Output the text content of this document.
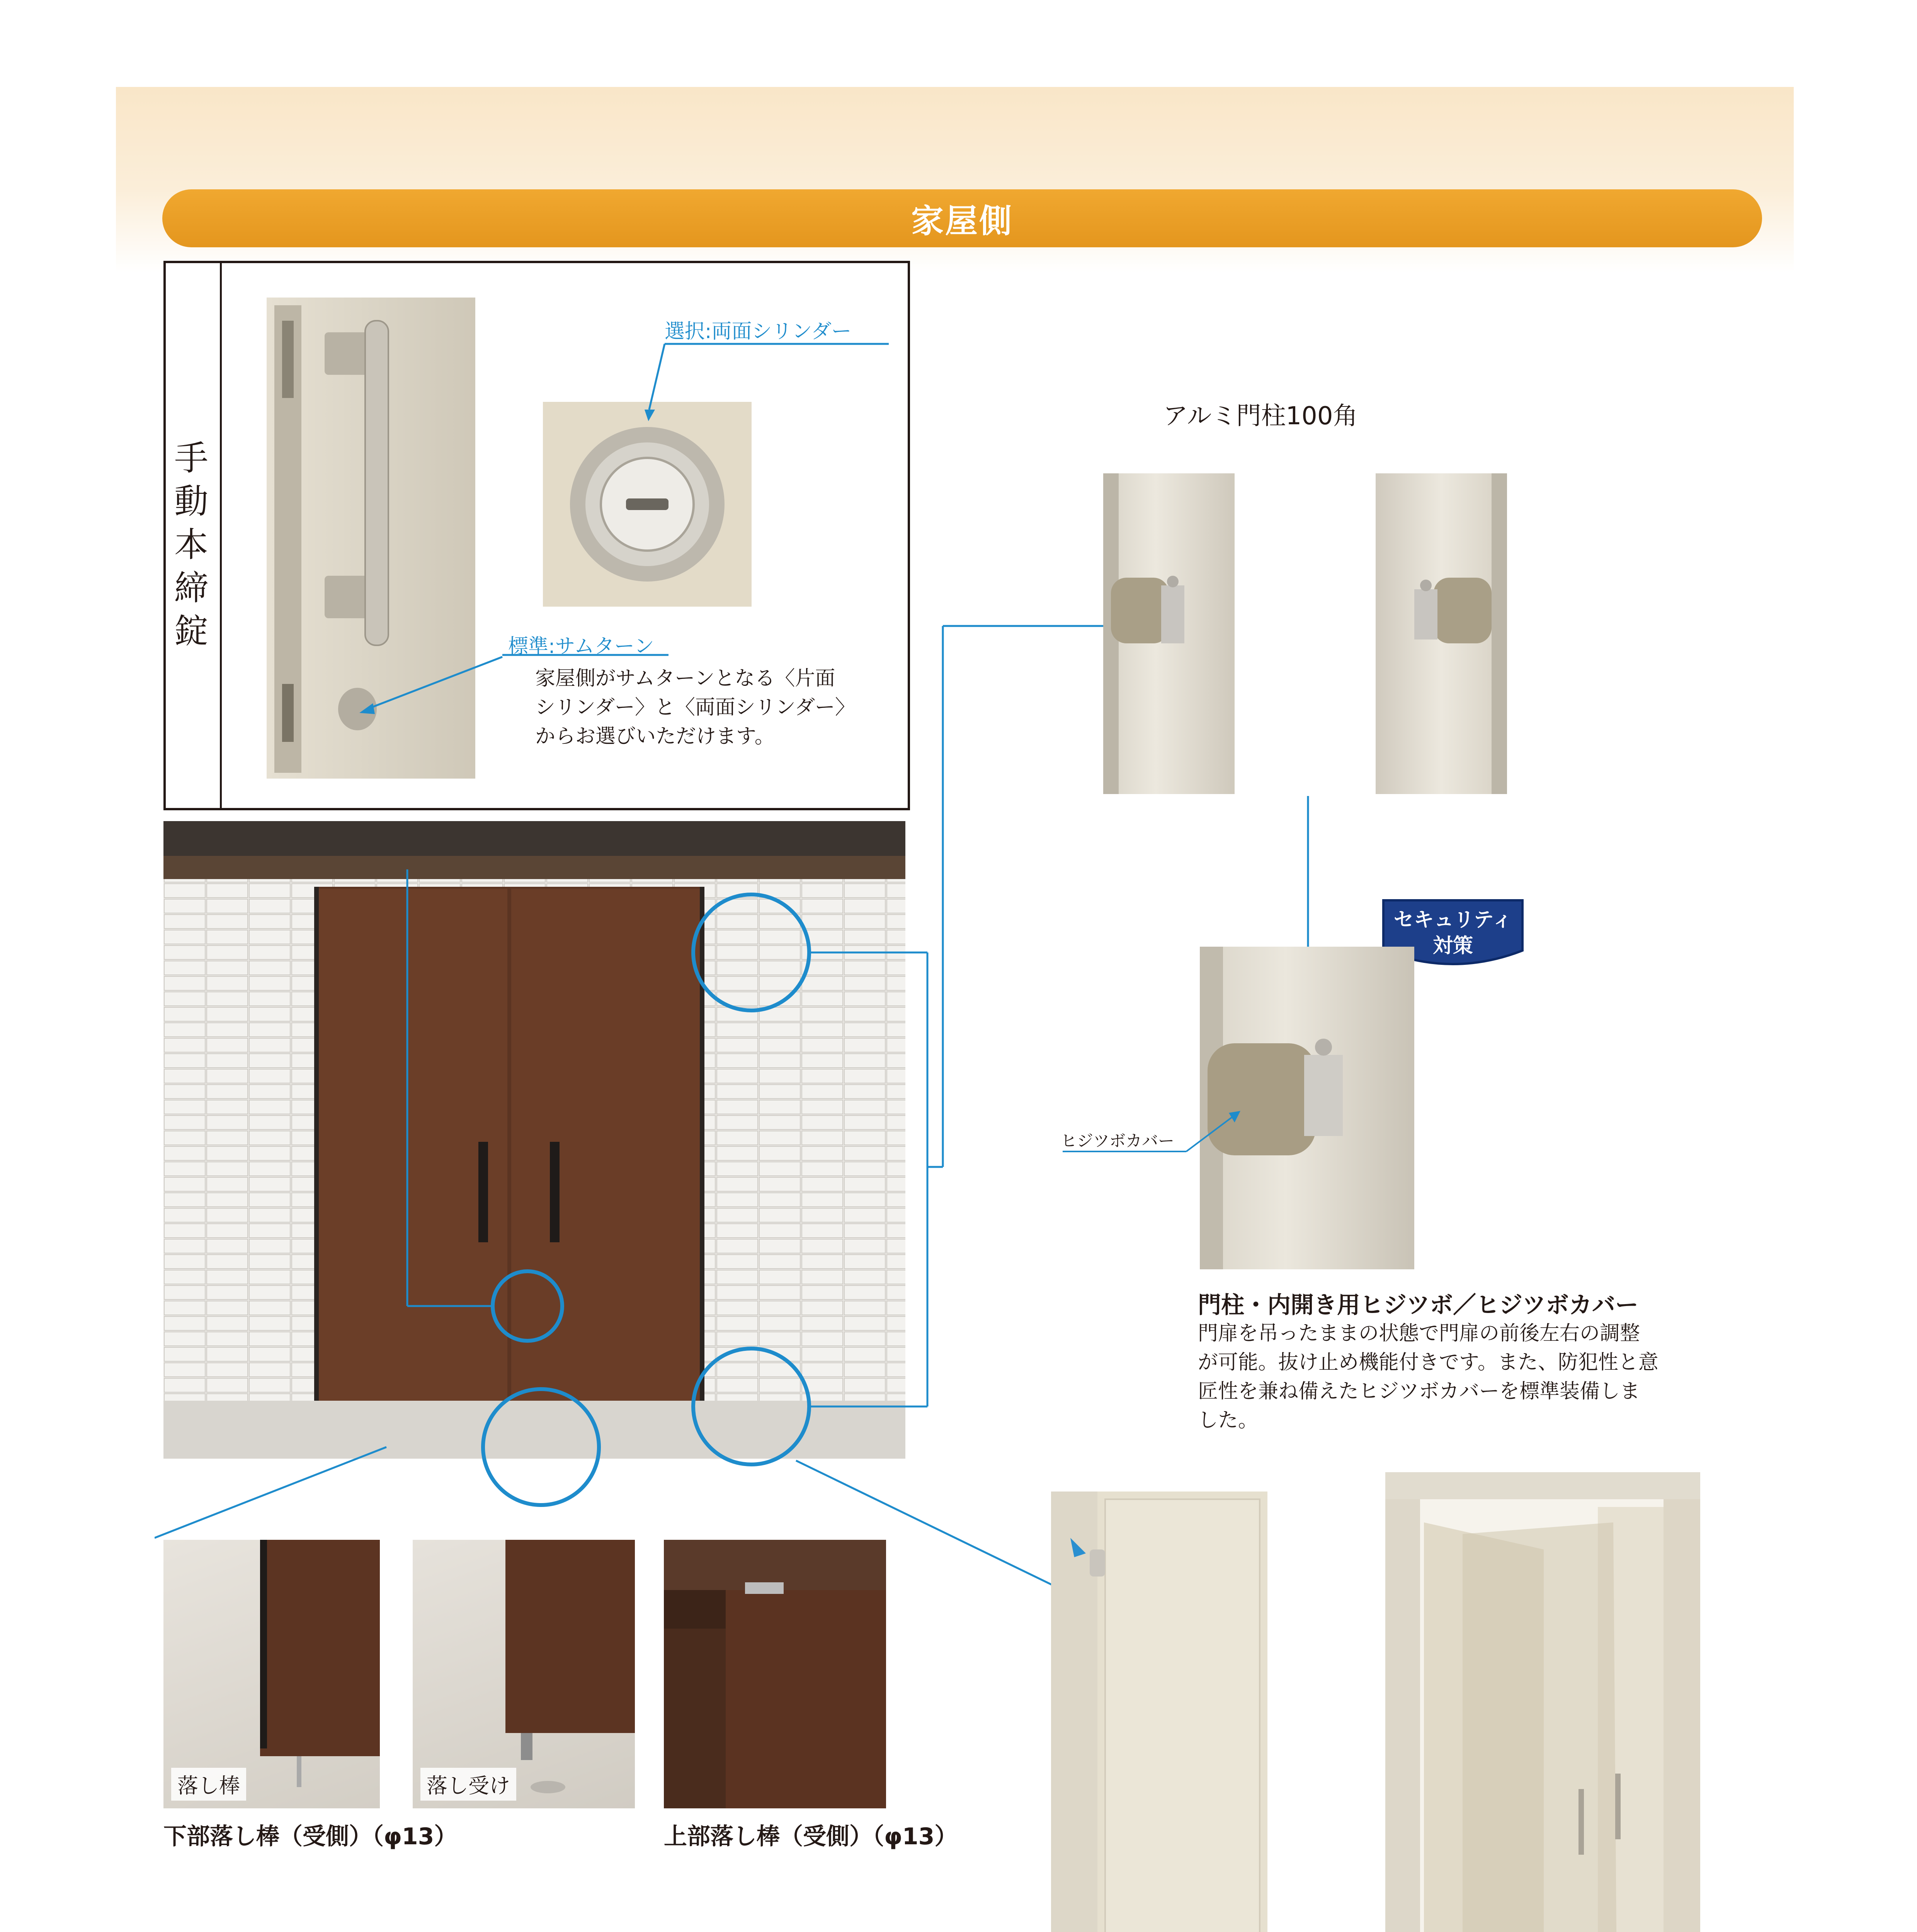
家屋側
手動本締錠
選択:両面シリンダー
標準:サムターン
家屋側がサムターンとなる〈片面
シリンダー〉と〈両面シリンダー〉
からお選びいただけます。
アルミ門柱100角
セキュリティ
対策
ヒジツボカバー
門柱・内開き用ヒジツボ／ヒジツボカバー
門扉を吊ったままの状態で門扉の前後左右の調整
が可能。抜け止め機能付きです。また、防犯性と意
匠性を兼ね備えたヒジツボカバーを標準装備しま
した。
落し棒	落し受け
下部落し棒（受側）（φ13）	上部落し棒（受側）（φ13）
